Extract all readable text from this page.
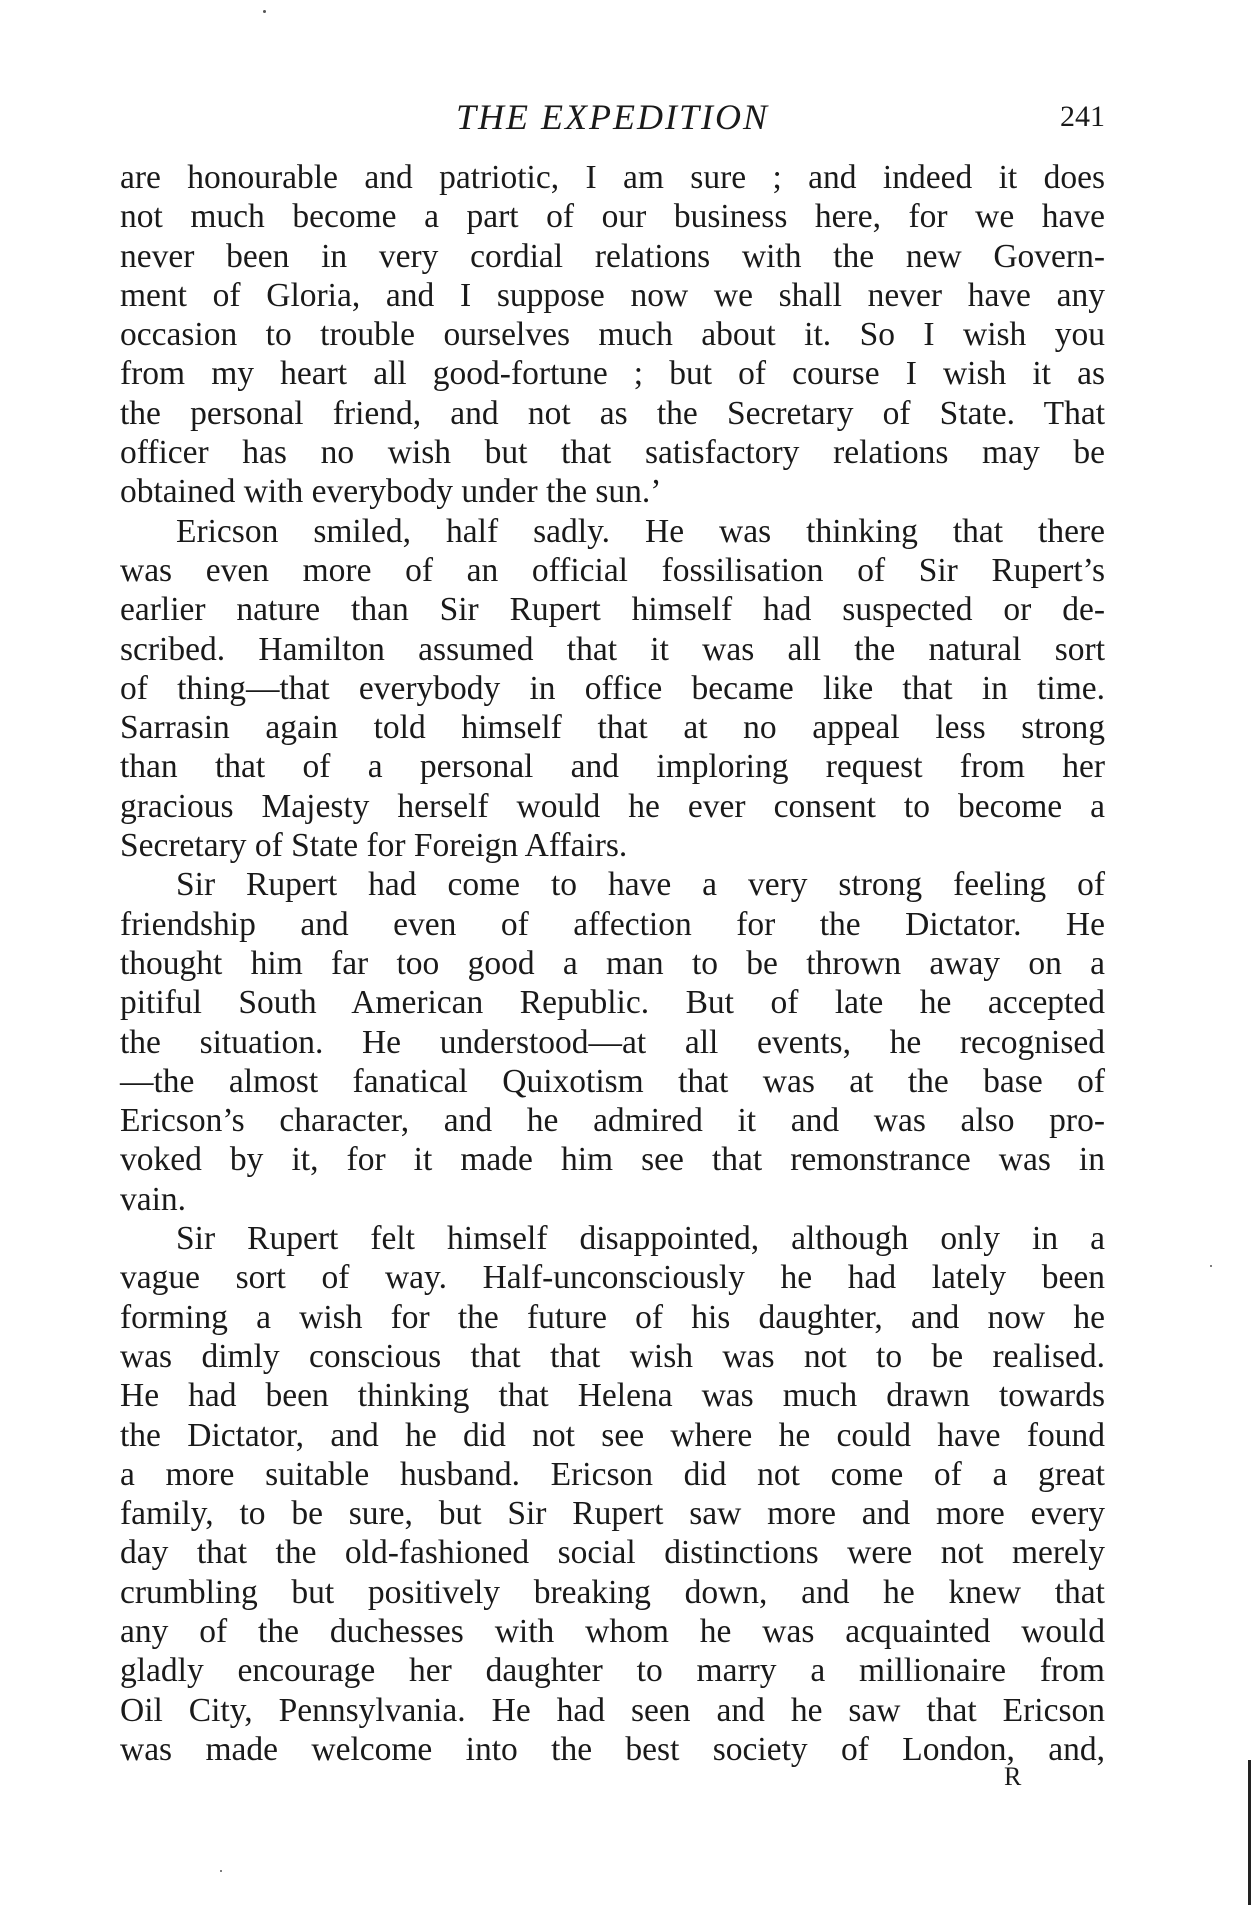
THE EXPEDITION	241
are honourable and patriotic, I am sure ; and indeed it does
not much become a part of our business here, for we have
never been in very cordial relations with the new Govern-
ment of Gloria, and I suppose now we shall never have any
occasion to trouble ourselves much about it. So I wish you
from my heart all good-fortune ; but of course I wish it as
the personal friend, and not as the Secretary of State. That
officer has no wish but that satisfactory relations may be
obtained with everybody under the sun.’
Ericson smiled, half sadly. He was thinking that there
was even more of an official fossilisation of Sir Rupert’s
earlier nature than Sir Rupert himself had suspected or de-
scribed. Hamilton assumed that it was all the natural sort
of thing—that everybody in office became like that in time.
Sarrasin again told himself that at no appeal less strong
than that of a personal and imploring request from her
gracious Majesty herself would he ever consent to become a
Secretary of State for Foreign Affairs.
Sir Rupert had come to have a very strong feeling of
friendship and even of affection for the Dictator. He
thought him far too good a man to be thrown away on a
pitiful South American Republic. But of late he accepted
the situation. He understood—at all events, he recognised
—the almost fanatical Quixotism that was at the base of
Ericson’s character, and he admired it and was also pro-
voked by it, for it made him see that remonstrance was in
vain.
Sir Rupert felt himself disappointed, although only in a
vague sort of way. Half-unconsciously he had lately been
forming a wish for the future of his daughter, and now he
was dimly conscious that that wish was not to be realised.
He had been thinking that Helena was much drawn towards
the Dictator, and he did not see where he could have found
a more suitable husband. Ericson did not come of a great
family, to be sure, but Sir Rupert saw more and more every
day that the old-fashioned social distinctions were not merely
crumbling but positively breaking down, and he knew that
any of the duchesses with whom he was acquainted would
gladly encourage her daughter to marry a millionaire from
Oil City, Pennsylvania. He had seen and he saw that Ericson
was made welcome into the best society of London, and,
R
